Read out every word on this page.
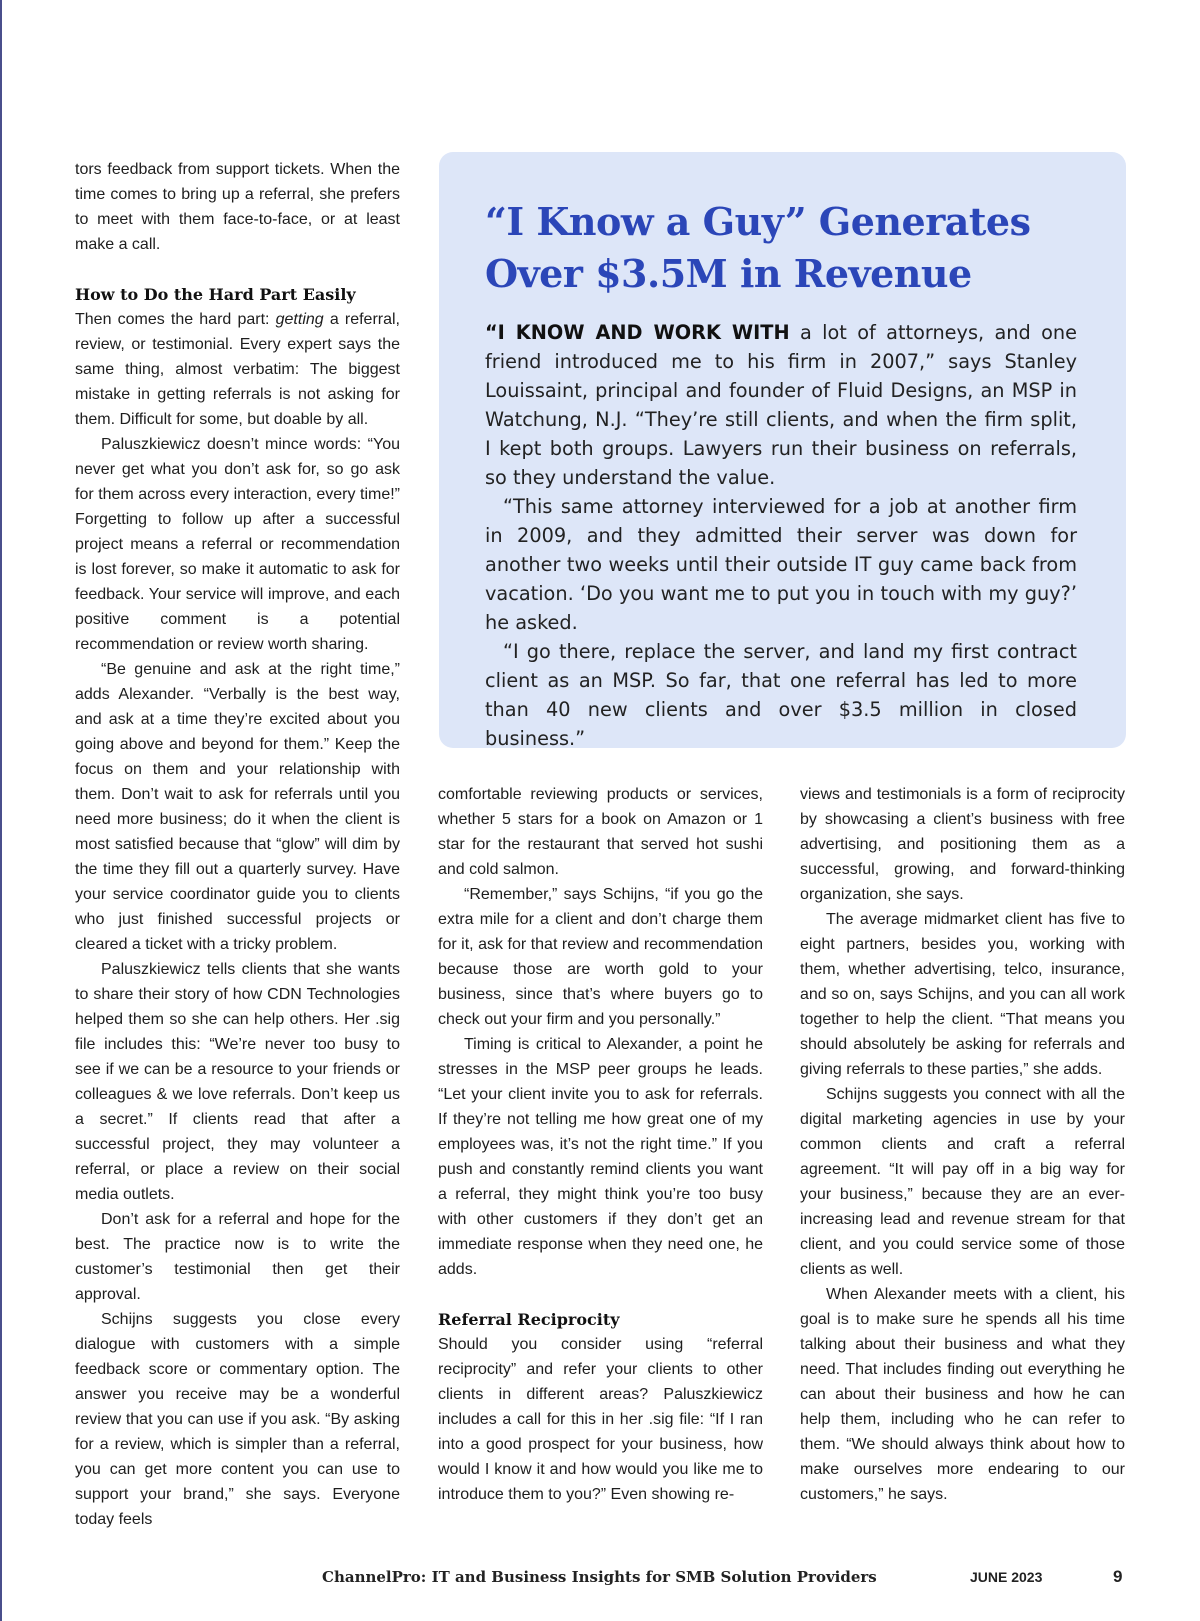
“I Know a Guy” Generates
Over $3.5M in Revenue

“I KNOW AND WORK WITH a lot of attorneys, and one friend introduced me to his firm in 2007,” says Stanley Louissaint, principal and founder of Fluid Designs, an MSP in Watchung, N.J. “They’re still clients, and when the firm split, I kept both groups. Lawyers run their business on referrals, so they understand the value.

“This same attorney interviewed for a job at another firm in 2009, and they admitted their server was down for another two weeks until their outside IT guy came back from vacation. ‘Do you want me to put you in touch with my guy?’ he asked.

“I go there, replace the server, and land my first contract client as an MSP. So far, that one referral has led to more than 40 new clients and over $3.5 million in closed business.”

tors feedback from support tickets. When the time comes to bring up a referral, she prefers to meet with them face-to-face, or at least make a call.

How to Do the Hard Part Easily

Then comes the hard part: getting a referral, review, or testimonial. Every expert says the same thing, almost verbatim: The biggest mistake in getting referrals is not asking for them. Difficult for some, but doable by all.

Paluszkiewicz doesn’t mince words: “You never get what you don’t ask for, so go ask for them across every interaction, every time!” Forgetting to follow up after a successful project means a referral or recommendation is lost forever, so make it automatic to ask for feedback. Your service will improve, and each positive comment is a potential recommendation or review worth sharing.

“Be genuine and ask at the right time,” adds Alexander. “Verbally is the best way, and ask at a time they’re excited about you going above and beyond for them.” Keep the focus on them and your relationship with them. Don’t wait to ask for referrals until you need more business; do it when the client is most satisfied because that “glow” will dim by the time they fill out a quarterly survey. Have your service coordinator guide you to clients who just finished successful projects or cleared a ticket with a tricky problem.

Paluszkiewicz tells clients that she wants to share their story of how CDN Technologies helped them so she can help others. Her .sig file includes this: “We’re never too busy to see if we can be a resource to your friends or colleagues & we love referrals. Don’t keep us a secret.” If clients read that after a successful project, they may volunteer a referral, or place a review on their social media outlets.

Don’t ask for a referral and hope for the best. The practice now is to write the customer’s testimonial then get their approval.

Schijns suggests you close every dialogue with customers with a simple feedback score or commentary option. The answer you receive may be a wonderful review that you can use if you ask. “By asking for a review, which is simpler than a referral, you can get more content you can use to support your brand,” she says. Everyone today feels

comfortable reviewing products or services, whether 5 stars for a book on Amazon or 1 star for the restaurant that served hot sushi and cold salmon.

“Remember,” says Schijns, “if you go the extra mile for a client and don’t charge them for it, ask for that review and recommendation because those are worth gold to your business, since that’s where buyers go to check out your firm and you personally.”

Timing is critical to Alexander, a point he stresses in the MSP peer groups he leads. “Let your client invite you to ask for referrals. If they’re not telling me how great one of my employees was, it’s not the right time.” If you push and constantly remind clients you want a referral, they might think you’re too busy with other customers if they don’t get an immediate response when they need one, he adds.

Referral Reciprocity

Should you consider using “referral reciprocity” and refer your clients to other clients in different areas? Paluszkiewicz includes a call for this in her .sig file: “If I ran into a good prospect for your business, how would I know it and how would you like me to introduce them to you?” Even showing re-

views and testimonials is a form of reciprocity by showcasing a client’s business with free advertising, and positioning them as a successful, growing, and forward-thinking organization, she says.

The average midmarket client has five to eight partners, besides you, working with them, whether advertising, telco, insurance, and so on, says Schijns, and you can all work together to help the client. “That means you should absolutely be asking for referrals and giving referrals to these parties,” she adds.

Schijns suggests you connect with all the digital marketing agencies in use by your common clients and craft a referral agreement. “It will pay off in a big way for your business,” because they are an ever-increasing lead and revenue stream for that client, and you could service some of those clients as well.

When Alexander meets with a client, his goal is to make sure he spends all his time talking about their business and what they need. That includes finding out everything he can about their business and how he can help them, including who he can refer to them. “We should always think about how to make ourselves more endearing to our customers,” he says.

ChannelPro: IT and Business Insights for SMB Solution Providers	JUNE 2023	9
